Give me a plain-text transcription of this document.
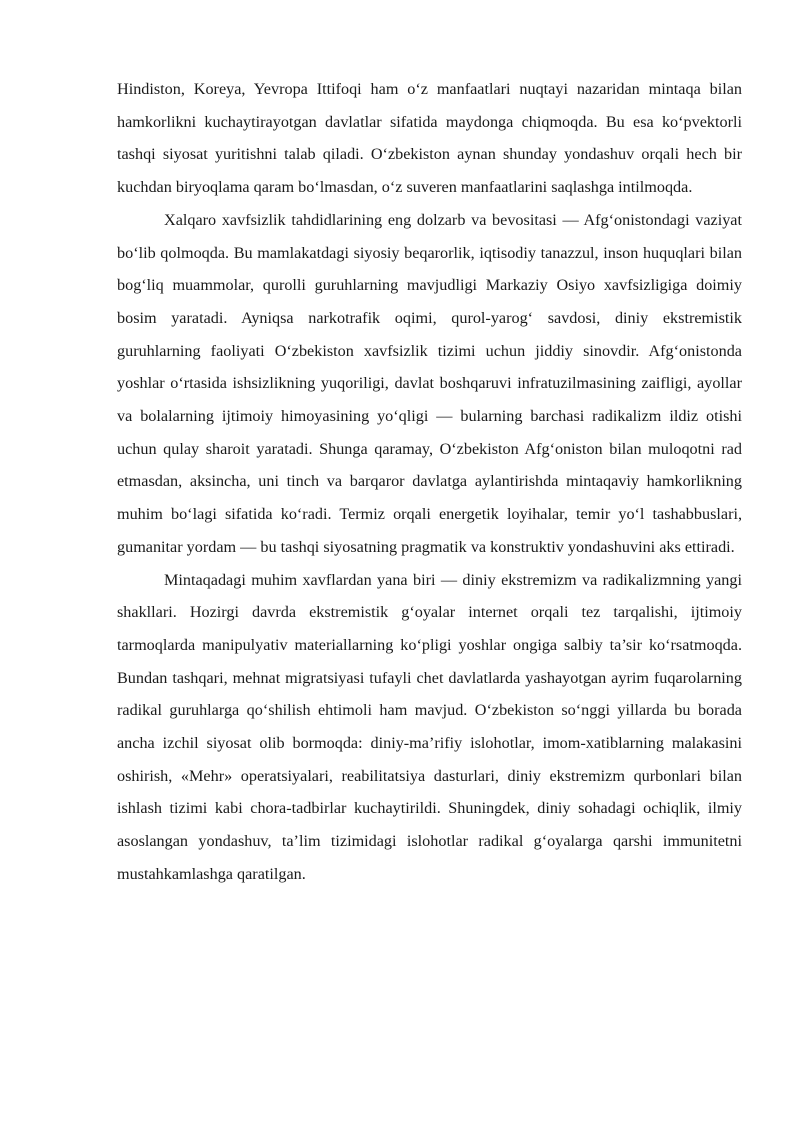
Hindiston, Koreya, Yevropa Ittifoqi ham o‘z manfaatlari nuqtayi nazaridan mintaqa bilan hamkorlikni kuchaytirayotgan davlatlar sifatida maydonga chiqmoqda. Bu esa ko‘pvektorli tashqi siyosat yuritishni talab qiladi. O‘zbekiston aynan shunday yondashuv orqali hech bir kuchdan biryoqlama qaram bo‘lmasdan, o‘z suveren manfaatlarini saqlashga intilmoqda.

Xalqaro xavfsizlik tahdidlarining eng dolzarb va bevositasi — Afg‘onistondagi vaziyat bo‘lib qolmoqda. Bu mamlakatdagi siyosiy beqarorlik, iqtisodiy tanazzul, inson huquqlari bilan bog‘liq muammolar, qurolli guruhlarning mavjudligi Markaziy Osiyo xavfsizligiga doimiy bosim yaratadi. Ayniqsa narkotrafik oqimi, qurol-yarog‘ savdosi, diniy ekstremistik guruhlarning faoliyati O‘zbekiston xavfsizlik tizimi uchun jiddiy sinovdir. Afg‘onistonda yoshlar o‘rtasida ishsizlikning yuqoriligi, davlat boshqaruvi infratuzilmasining zaifligi, ayollar va bolalarning ijtimoiy himoyasining yo‘qligi — bularning barchasi radikalizm ildiz otishi uchun qulay sharoit yaratadi. Shunga qaramay, O‘zbekiston Afg‘oniston bilan muloqotni rad etmasdan, aksincha, uni tinch va barqaror davlatga aylantirishda mintaqaviy hamkorlikning muhim bo‘lagi sifatida ko‘radi. Termiz orqali energetik loyihalar, temir yo‘l tashabbuslari, gumanitar yordam — bu tashqi siyosatning pragmatik va konstruktiv yondashuvini aks ettiradi.

Mintaqadagi muhim xavflardan yana biri — diniy ekstremizm va radikalizmning yangi shakllari. Hozirgi davrda ekstremistik g‘oyalar internet orqali tez tarqalishi, ijtimoiy tarmoqlarda manipulyativ materiallarning ko‘pligi yoshlar ongiga salbiy ta’sir ko‘rsatmoqda. Bundan tashqari, mehnat migratsiyasi tufayli chet davlatlarda yashayotgan ayrim fuqarolarning radikal guruhlarga qo‘shilish ehtimoli ham mavjud. O‘zbekiston so‘nggi yillarda bu borada ancha izchil siyosat olib bormoqda: diniy-ma’rifiy islohotlar, imom-xatiblarning malakasini oshirish, «Mehr» operatsiyalari, reabilitatsiya dasturlari, diniy ekstremizm qurbonlari bilan ishlash tizimi kabi chora-tadbirlar kuchaytirildi. Shuningdek, diniy sohadagi ochiqlik, ilmiy asoslangan yondashuv, ta’lim tizimidagi islohotlar radikal g‘oyalarga qarshi immunitetni mustahkamlashga qaratilgan.
